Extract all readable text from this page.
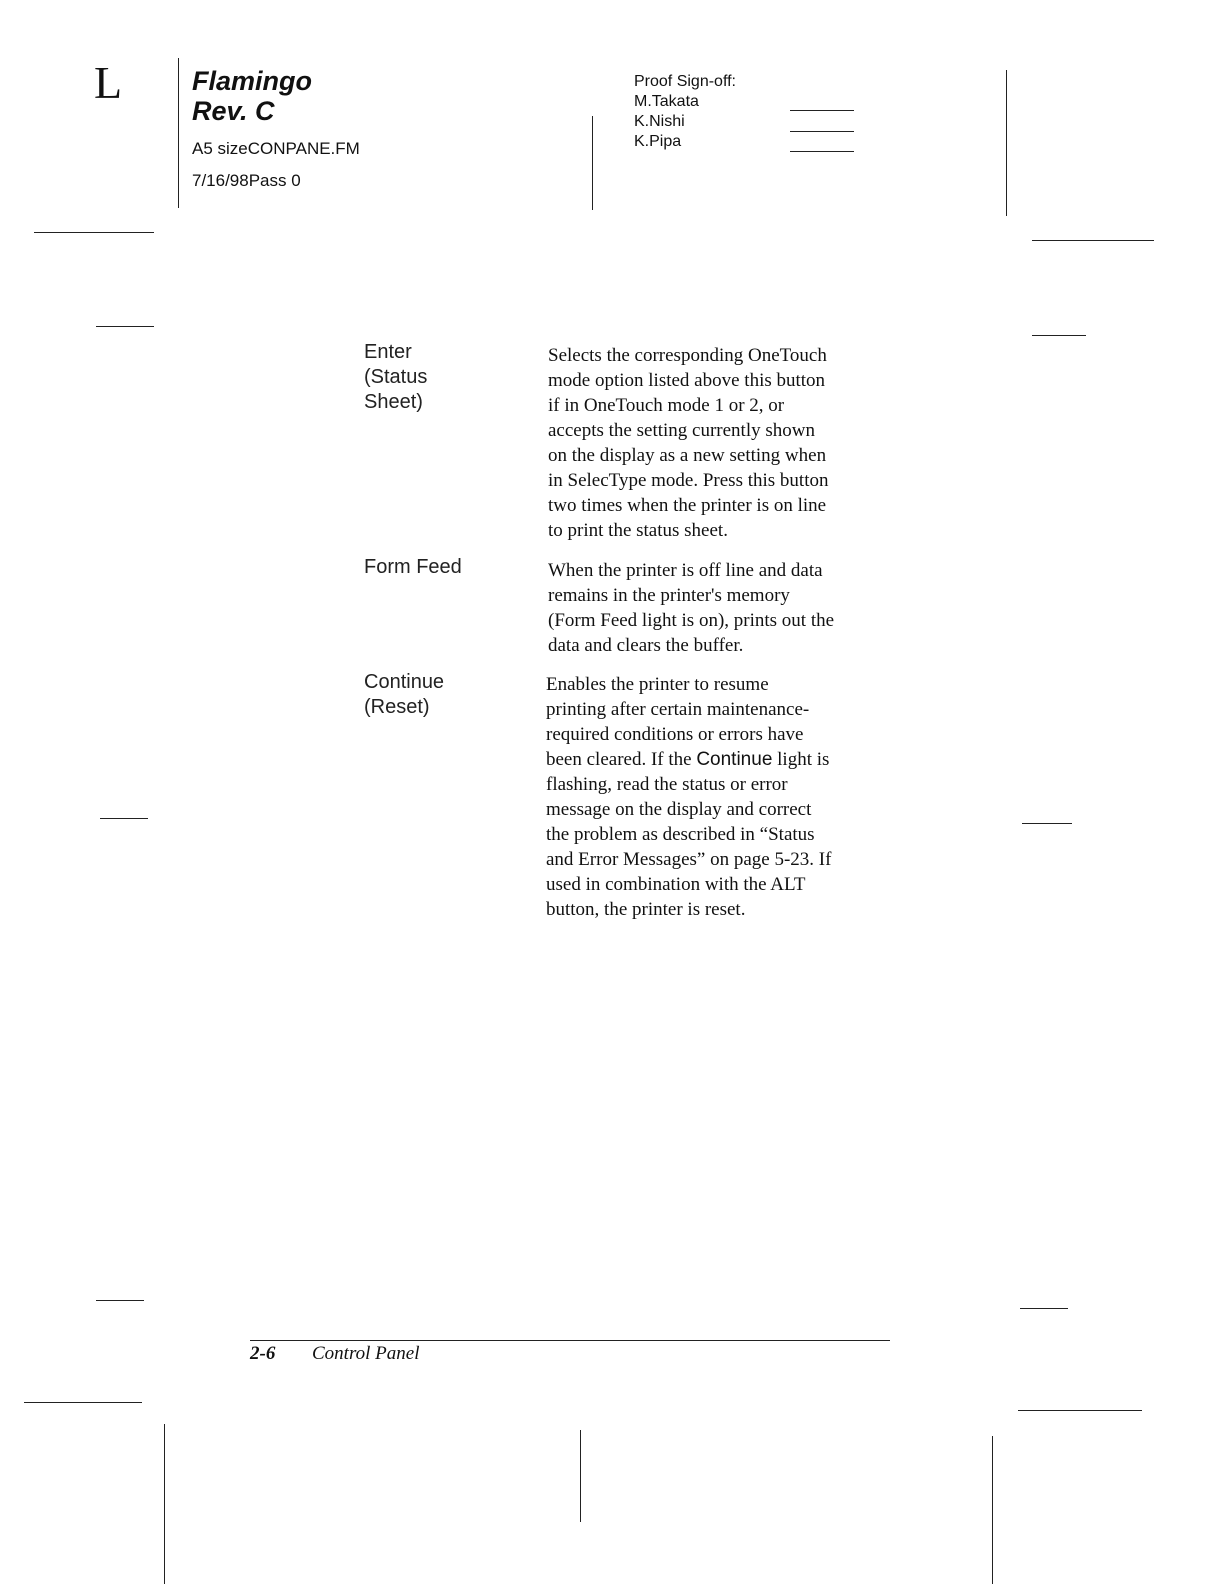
L	Flamingo
Rev. C
A5 sizeCONPANE.FM
7/16/98Pass 0
Proof Sign-off:
M.Takata
K.Nishi
K.Pipa
Enter
(Status
Sheet)
Selects the corresponding OneTouch
mode option listed above this button
if in OneTouch mode 1 or 2, or
accepts the setting currently shown
on the display as a new setting when
in SelecType mode. Press this button
two times when the printer is on line
to print the status sheet.
Form Feed	When the printer is off line and data
remains in the printer's memory
(Form Feed light is on), prints out the
data and clears the buffer.
Continue
(Reset)
Enables the printer to resume
printing after certain maintenance-
required conditions or errors have
been cleared. If the Continue light is
flashing, read the status or error
message on the display and correct
the problem as described in “Status
and Error Messages” on page 5-23. If
used in combination with the ALT
button, the printer is reset.
2-6 Control Panel
